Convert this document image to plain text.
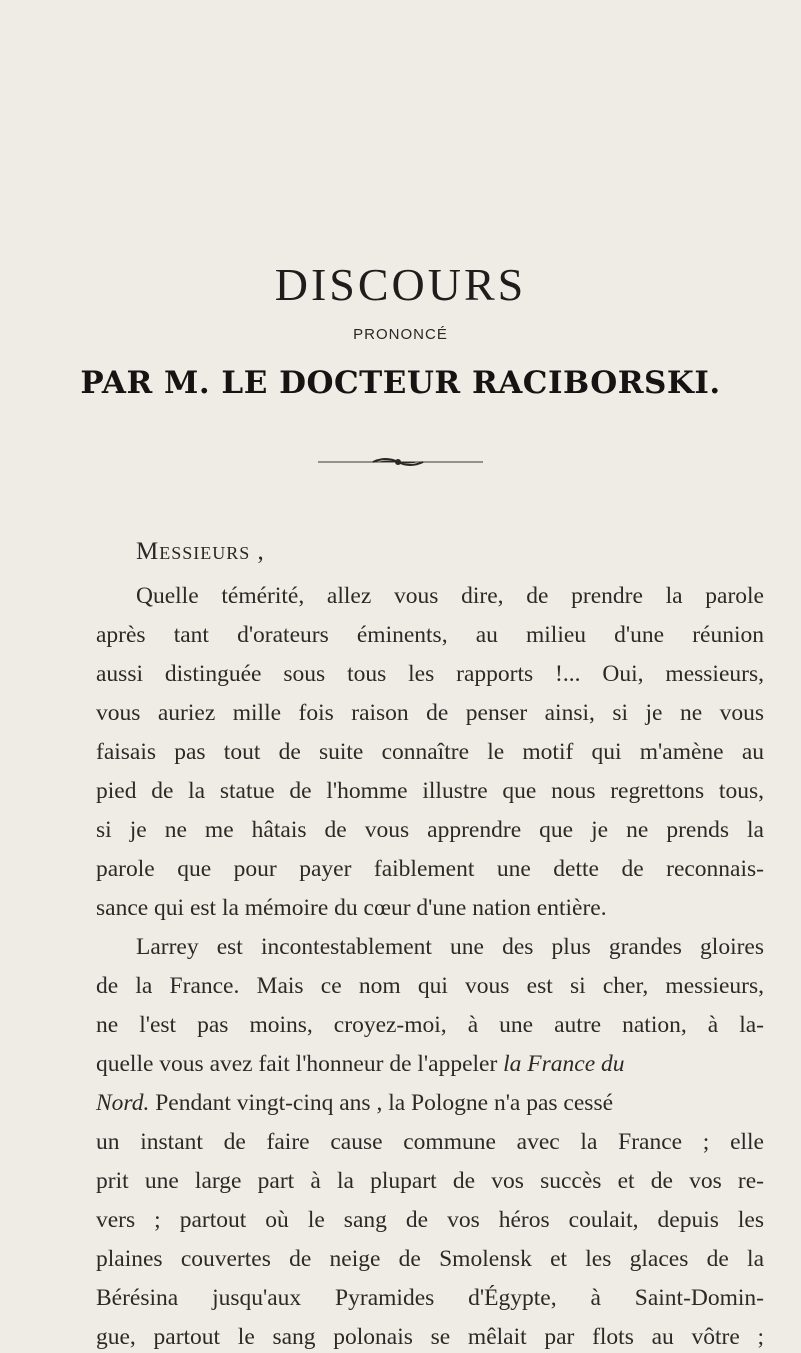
DISCOURS
PRONONCÉ
PAR M. LE DOCTEUR RACIBORSKI.
Messieurs ,
Quelle témérité, allez vous dire, de prendre la parole
après tant d'orateurs éminents, au milieu d'une réunion
aussi distinguée sous tous les rapports !... Oui, messieurs,
vous auriez mille fois raison de penser ainsi, si je ne vous
faisais pas tout de suite connaître le motif qui m'amène au
pied de la statue de l'homme illustre que nous regrettons tous,
si je ne me hâtais de vous apprendre que je ne prends la
parole que pour payer faiblement une dette de reconnais-
sance qui est la mémoire du cœur d'une nation entière.
Larrey est incontestablement une des plus grandes gloires
de la France. Mais ce nom qui vous est si cher, messieurs,
ne l'est pas moins, croyez-moi, à une autre nation, à la-
quelle vous avez fait l'honneur de l'appeler la France du
Nord. Pendant vingt-cinq ans , la Pologne n'a pas cessé
un instant de faire cause commune avec la France ; elle
prit une large part à la plupart de vos succès et de vos re-
vers ; partout où le sang de vos héros coulait, depuis les
plaines couvertes de neige de Smolensk et les glaces de la
Bérésina jusqu'aux Pyramides d'Égypte, à Saint-Domin-
gue, partout le sang polonais se mêlait par flots au vôtre ;
